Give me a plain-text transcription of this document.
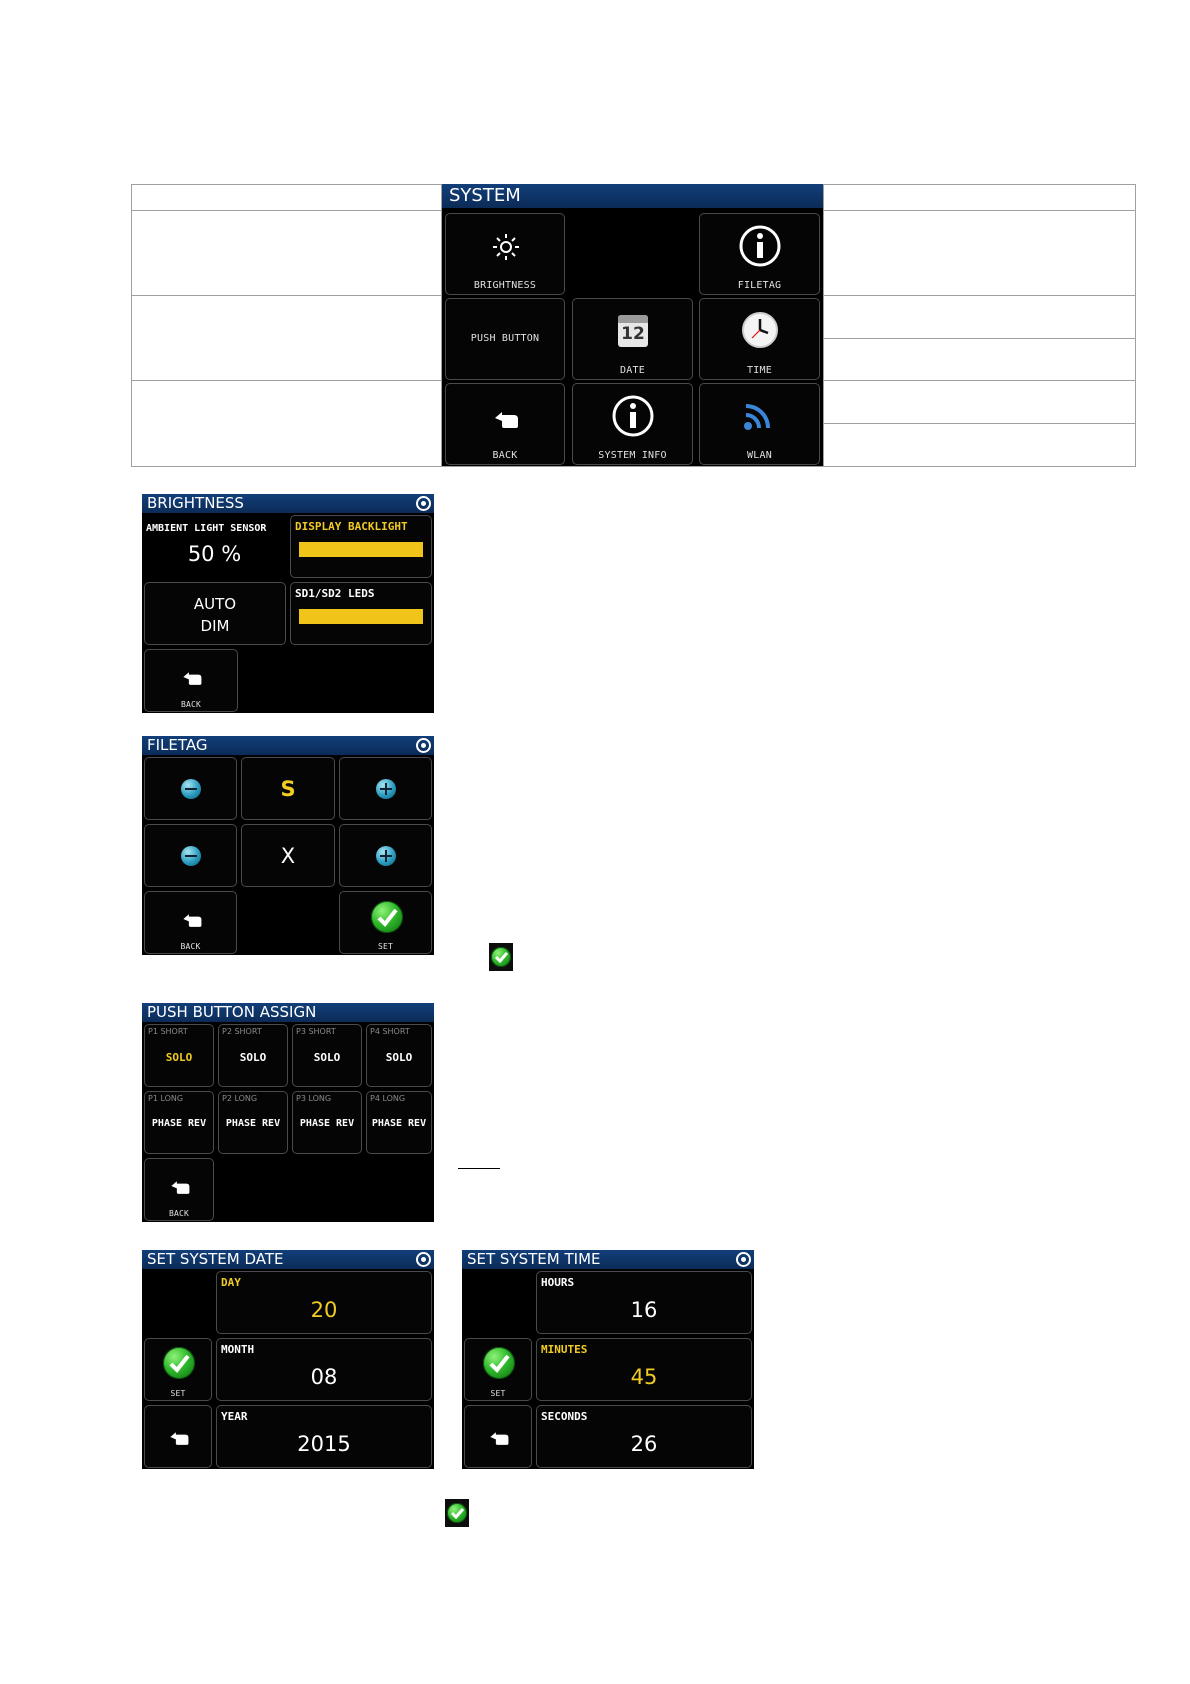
SYSTEM
BRIGHTNESS	FILETAG
PUSH BUTTON	12
DATE	TIME
BACK	SYSTEM INFO	WLAN
BRIGHTNESS
AMBIENT LIGHT SENSOR
50 %
DISPLAY BACKLIGHT
AUTO
DIM
SD1/SD2 LEDS
BACK
FILETAG
S
X
BACK	SET
PUSH BUTTON ASSIGN
P1 SHORT
SOLO
P2 SHORT
SOLO
P3 SHORT
SOLO
P4 SHORT
SOLO
P1 LONG
PHASE REV
P2 LONG
PHASE REV
P3 LONG
PHASE REV
P4 LONG
PHASE REV
BACK
SET SYSTEM DATE
DAY
20
MONTH
08
YEAR
2015
SET
SET SYSTEM TIME
HOURS
16
MINUTES
45
SECONDS
26
SET
